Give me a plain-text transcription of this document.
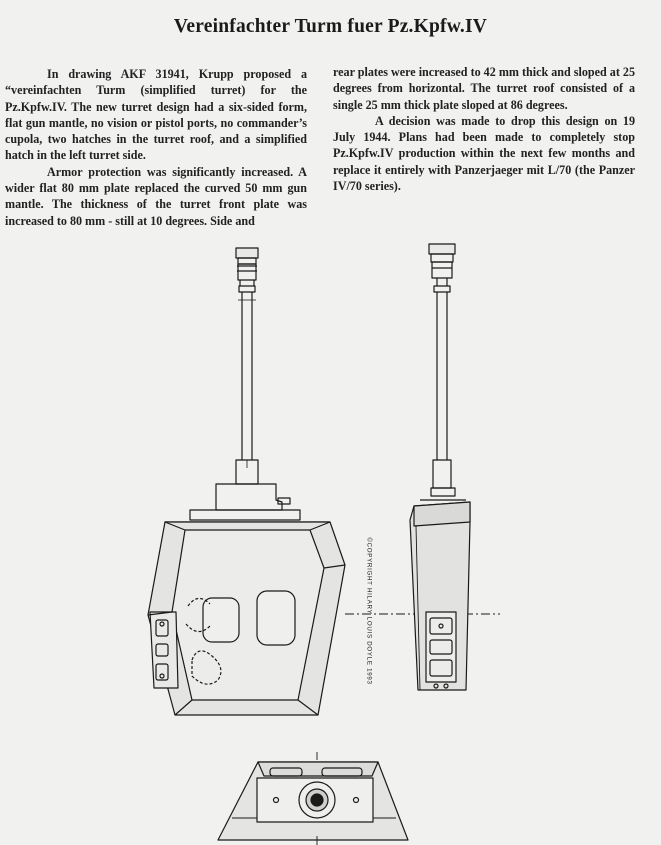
Vereinfachter Turm fuer Pz.Kpfw.IV

In drawing AKF 31941, Krupp proposed a “vereinfachten Turm (simplified turret) for the Pz.Kpfw.IV. The new turret design had a six-sided form, flat gun mantle, no vision or pistol ports, no commander’s cupola, two hatches in the turret roof, and a simplified hatch in the left turret side.

Armor protection was significantly increased. A wider flat 80 mm plate replaced the curved 50 mm gun mantle. The thickness of the turret front plate was increased to 80 mm - still at 10 degrees. Side and

rear plates were increased to 42 mm thick and sloped at 25 degrees from horizontal. The turret roof consisted of a single 25 mm thick plate sloped at 86 degrees.

A decision was made to drop this design on 19 July 1944. Plans had been made to completely stop Pz.Kpfw.IV production within the next few months and replace it entirely with Panzerjaeger mit L/70 (the Panzer IV/70 series).

©COPYRIGHT HILARY LOUIS DOYLE 1993
